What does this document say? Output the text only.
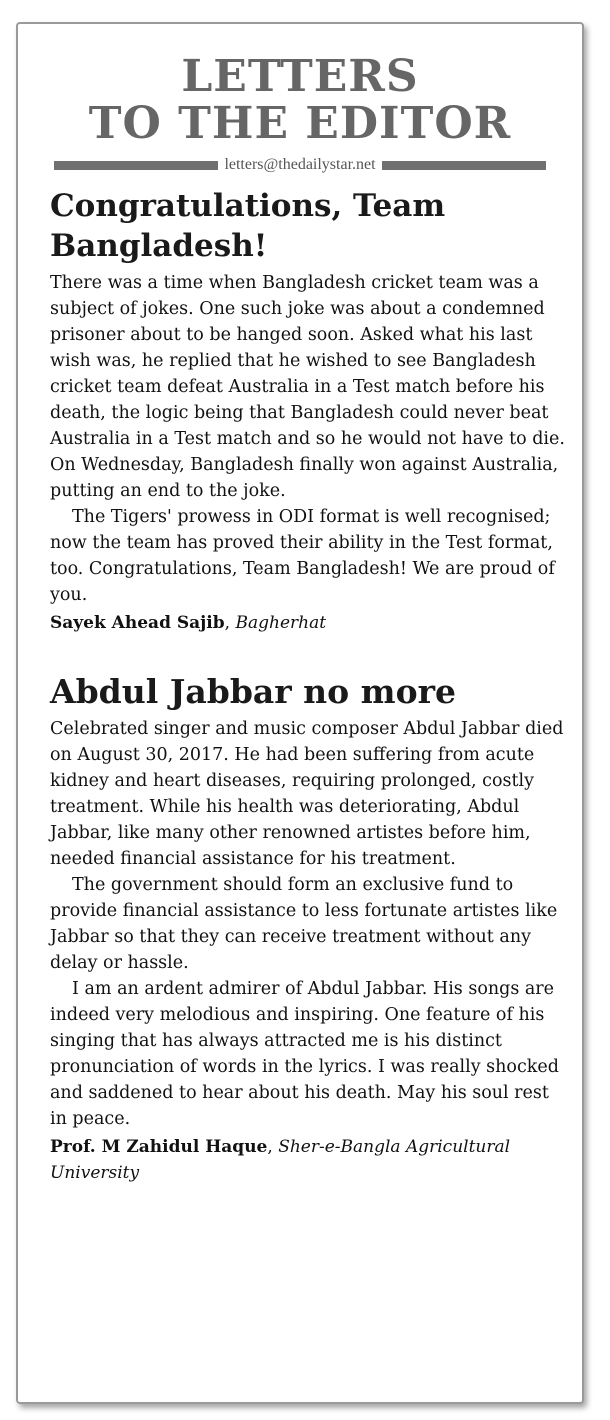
LETTERS
TO THE EDITOR
letters@thedailystar.net
Congratulations, Team Bangladesh!

There was a time when Bangladesh cricket team was a subject of jokes. One such joke was about a condemned prisoner about to be hanged soon. Asked what his last wish was, he replied that he wished to see Bangladesh cricket team defeat Australia in a Test match before his death, the logic being that Bangladesh could never beat Australia in a Test match and so he would not have to die. On Wednesday, Bangladesh finally won against Australia, putting an end to the joke.

The Tigers' prowess in ODI format is well recognised; now the team has proved their ability in the Test format, too. Congratulations, Team Bangladesh! We are proud of you.

Sayek Ahead Sajib, Bagherhat
Abdul Jabbar no more

Celebrated singer and music composer Abdul Jabbar died on August 30, 2017. He had been suffering from acute kidney and heart diseases, requiring prolonged, costly treatment. While his health was deteriorating, Abdul Jabbar, like many other renowned artistes before him, needed financial assistance for his treatment.

The government should form an exclusive fund to provide financial assistance to less fortunate artistes like Jabbar so that they can receive treatment without any delay or hassle.

I am an ardent admirer of Abdul Jabbar. His songs are indeed very melodious and inspiring. One feature of his singing that has always attracted me is his distinct pronunciation of words in the lyrics. I was really shocked and saddened to hear about his death. May his soul rest in peace.

Prof. M Zahidul Haque, Sher-e-Bangla Agricultural University
